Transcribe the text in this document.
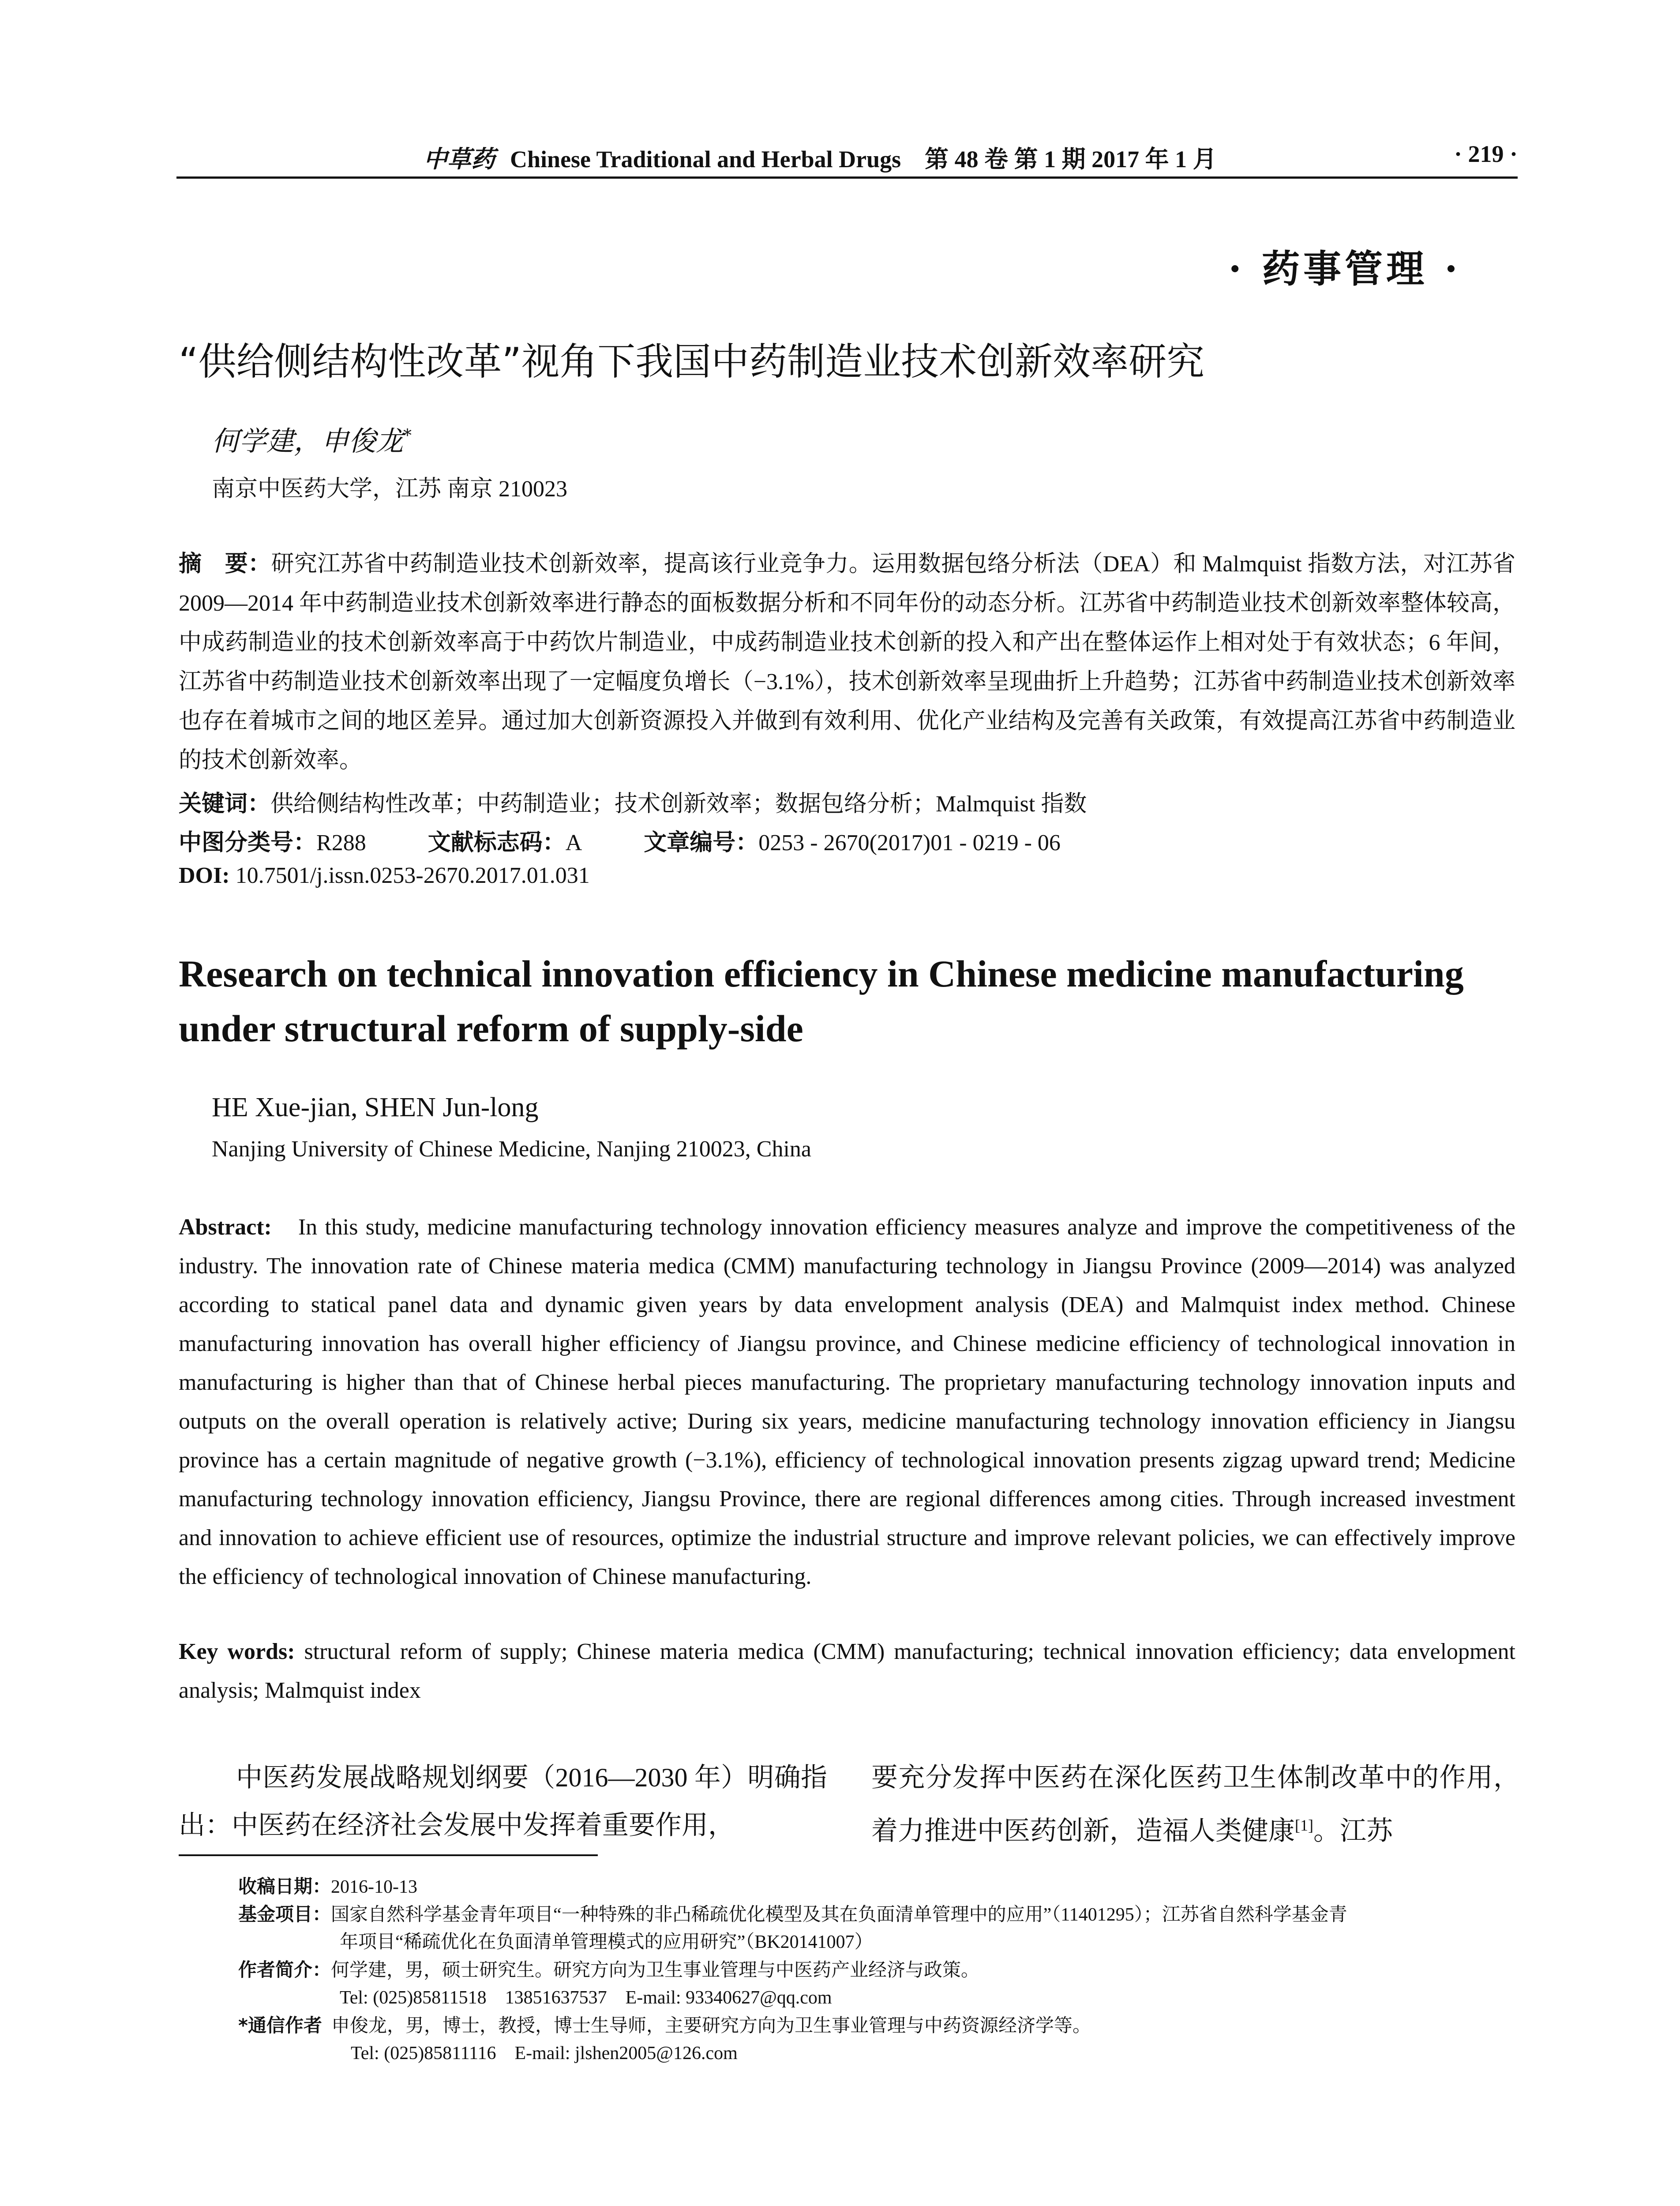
中草药 Chinese Traditional and Herbal Drugs 第 48 卷 第 1 期 2017 年 1 月	· 219 ·
· 药事管理 ·
“供给侧结构性改革”视角下我国中药制造业技术创新效率研究
何学建，申俊龙*
南京中医药大学，江苏 南京 210023
摘　要：研究江苏省中药制造业技术创新效率，提高该行业竞争力。运用数据包络分析法（DEA）和 Malmquist 指数方法，对江苏省 2009—2014 年中药制造业技术创新效率进行静态的面板数据分析和不同年份的动态分析。江苏省中药制造业技术创新效率整体较高，中成药制造业的技术创新效率高于中药饮片制造业，中成药制造业技术创新的投入和产出在整体运作上相对处于有效状态；6 年间，江苏省中药制造业技术创新效率出现了一定幅度负增长（−3.1%），技术创新效率呈现曲折上升趋势；江苏省中药制造业技术创新效率也存在着城市之间的地区差异。通过加大创新资源投入并做到有效利用、优化产业结构及完善有关政策，有效提高江苏省中药制造业的技术创新效率。
关键词：供给侧结构性改革；中药制造业；技术创新效率；数据包络分析；Malmquist 指数
中图分类号：R288	文献标志码：A	文章编号：0253 - 2670(2017)01 - 0219 - 06
DOI: 10.7501/j.issn.0253-2670.2017.01.031
Research on technical innovation efficiency in Chinese medicine manufacturing under structural reform of supply-side
HE Xue-jian, SHEN Jun-long
Nanjing University of Chinese Medicine, Nanjing 210023, China
Abstract: In this study, medicine manufacturing technology innovation efficiency measures analyze and improve the competitiveness of the industry. The innovation rate of Chinese materia medica (CMM) manufacturing technology in Jiangsu Province (2009—2014) was analyzed according to statical panel data and dynamic given years by data envelopment analysis (DEA) and Malmquist index method. Chinese manufacturing innovation has overall higher efficiency of Jiangsu province, and Chinese medicine efficiency of technological innovation in manufacturing is higher than that of Chinese herbal pieces manufacturing. The proprietary manufacturing technology innovation inputs and outputs on the overall operation is relatively active; During six years, medicine manufacturing technology innovation efficiency in Jiangsu province has a certain magnitude of negative growth (−3.1%), efficiency of technological innovation presents zigzag upward trend; Medicine manufacturing technology innovation efficiency, Jiangsu Province, there are regional differences among cities. Through increased investment and innovation to achieve efficient use of resources, optimize the industrial structure and improve relevant policies, we can effectively improve the efficiency of technological innovation of Chinese manufacturing.
Key words: structural reform of supply; Chinese materia medica (CMM) manufacturing; technical innovation efficiency; data envelopment analysis; Malmquist index
中医药发展战略规划纲要（2016—2030 年）明确指出：中医药在经济社会发展中发挥着重要作用，
要充分发挥中医药在深化医药卫生体制改革中的作用，着力推进中医药创新，造福人类健康[1]。江苏
收稿日期：2016-10-13
基金项目：国家自然科学基金青年项目“一种特殊的非凸稀疏优化模型及其在负面清单管理中的应用”（11401295）；江苏省自然科学基金青
年项目“稀疏优化在负面清单管理模式的应用研究”（BK20141007）
作者简介：何学建，男，硕士研究生。研究方向为卫生事业管理与中医药产业经济与政策。
Tel: (025)85811518　13851637537　E-mail: 93340627@qq.com
*通信作者 申俊龙，男，博士，教授，博士生导师，主要研究方向为卫生事业管理与中药资源经济学等。
Tel: (025)85811116　E-mail: jlshen2005@126.com
